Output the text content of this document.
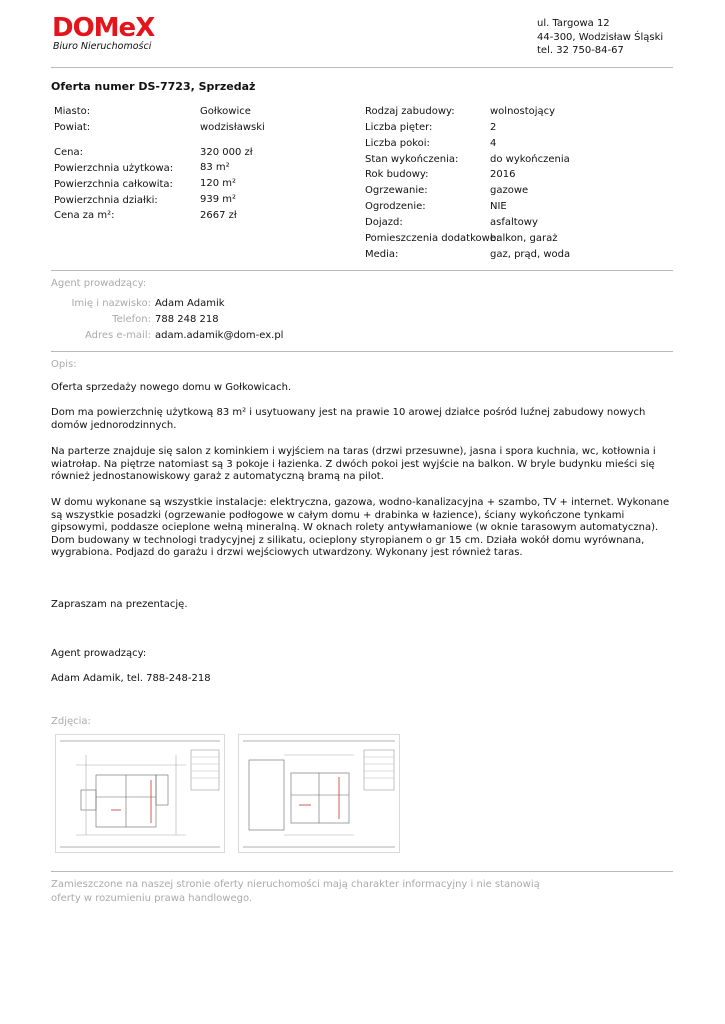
DOMeX
Biuro Nieruchomości
ul. Targowa 12
44-300, Wodzisław Śląski
tel. 32 750-84-67
Oferta numer DS-7723, Sprzedaż
Miasto:	Gołkowice
Powiat:	wodzisławski
Cena:	320 000 zł
Powierzchnia użytkowa:	83 m²
Powierzchnia całkowita:	120 m²
Powierzchnia działki:	939 m²
Cena za m²:	2667 zł
Rodzaj zabudowy:	wolnostojący
Liczba pięter:	2
Liczba pokoi:	4
Stan wykończenia:	do wykończenia
Rok budowy:	2016
Ogrzewanie:	gazowe
Ogrodzenie:	NIE
Dojazd:	asfaltowy
Pomieszczenia dodatkowe:
balkon, garaż
Media:	gaz, prąd, woda
Agent prowadzący:
Imię i nazwisko: Adam Adamik
Telefon: 788 248 218
Adres e-mail: adam.adamik@dom-ex.pl
Opis:
Oferta sprzedaży nowego domu w Gołkowicach.
Dom ma powierzchnię użytkową 83 m² i usytuowany jest na prawie 10 arowej działce pośród luźnej zabudowy nowych domów jednorodzinnych.
Na parterze znajduje się salon z kominkiem i wyjściem na taras (drzwi przesuwne), jasna i spora kuchnia, wc, kotłownia i wiatrołap. Na piętrze natomiast są 3 pokoje i łazienka. Z dwóch pokoi jest wyjście na balkon. W bryle budynku mieści się również jednostanowiskowy garaż z automatyczną bramą na pilot.
W domu wykonane są wszystkie instalacje: elektryczna, gazowa, wodno-kanalizacyjna + szambo, TV + internet. Wykonane są wszystkie posadzki (ogrzewanie podłogowe w całym domu + drabinka w łazience), ściany wykończone tynkami gipsowymi, poddasze ocieplone wełną mineralną. W oknach rolety antywłamaniowe (w oknie tarasowym automatyczna). Dom budowany w technologi tradycyjnej z silikatu, ocieplony styropianem o gr 15 cm. Działa wokół domu wyrównana, wygrabiona. Podjazd do garażu i drzwi wejściowych utwardzony. Wykonany jest również taras.
Zapraszam na prezentację.
Agent prowadzący:
Adam Adamik, tel. 788-248-218
Zdjęcia:
Zamieszczone na naszej stronie oferty nieruchomości mają charakter informacyjny i nie stanowią oferty w rozumieniu prawa handlowego.
